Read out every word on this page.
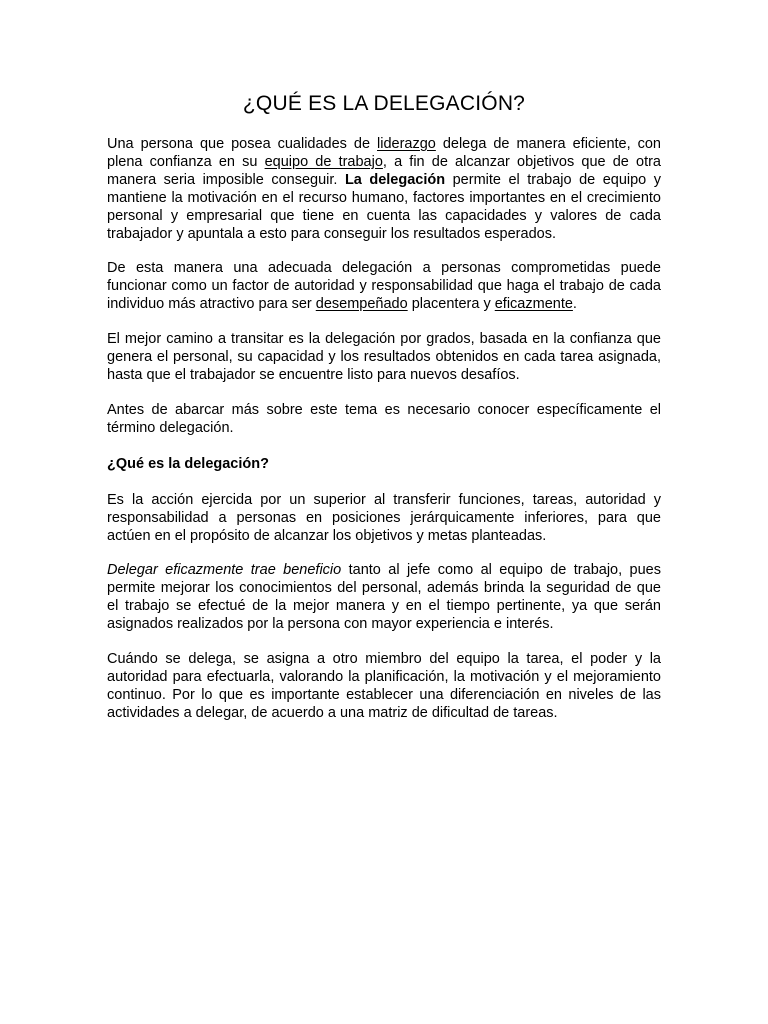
¿QUÉ ES LA DELEGACIÓN?

Una persona que posea cualidades de liderazgo delega de manera eficiente, con plena confianza en su equipo de trabajo, a fin de alcanzar objetivos que de otra manera seria imposible conseguir. La delegación permite el trabajo de equipo y mantiene la motivación en el recurso humano, factores importantes en el crecimiento personal y empresarial que tiene en cuenta las capacidades y valores de cada trabajador y apuntala a esto para conseguir los resultados esperados.

De esta manera una adecuada delegación a personas comprometidas puede funcionar como un factor de autoridad y responsabilidad que haga el trabajo de cada individuo más atractivo para ser desempeñado placentera y eficazmente.

El mejor camino a transitar es la delegación por grados, basada en la confianza que genera el personal, su capacidad y los resultados obtenidos en cada tarea asignada, hasta que el trabajador se encuentre listo para nuevos desafíos.

Antes de abarcar más sobre este tema es necesario conocer específicamente el término delegación.

¿Qué es la delegación?

Es la acción ejercida por un superior al transferir funciones, tareas, autoridad y responsabilidad a personas en posiciones jerárquicamente inferiores, para que actúen en el propósito de alcanzar los objetivos y metas planteadas.

Delegar eficazmente trae beneficio tanto al jefe como al equipo de trabajo, pues permite mejorar los conocimientos del personal, además brinda la seguridad de que el trabajo se efectué de la mejor manera y en el tiempo pertinente, ya que serán asignados realizados por la persona con mayor experiencia e interés.

Cuándo se delega, se asigna a otro miembro del equipo la tarea, el poder y la autoridad para efectuarla, valorando la planificación, la motivación y el mejoramiento continuo. Por lo que es importante establecer una diferenciación en niveles de las actividades a delegar, de acuerdo a una matriz de dificultad de tareas.
